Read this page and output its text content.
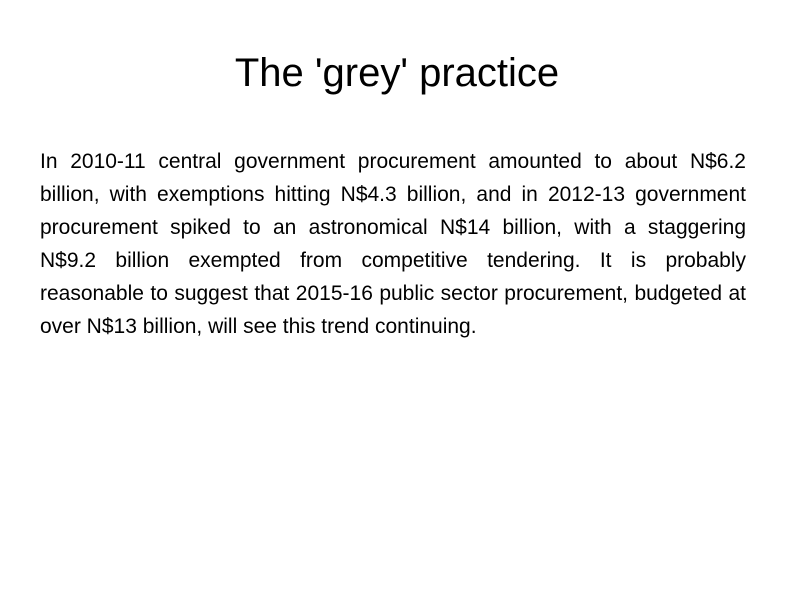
The 'grey' practice

In 2010-11 central government procurement amounted to about N$6.2 billion, with exemptions hitting N$4.3 billion, and in 2012-13 government procurement spiked to an astronomical N$14 billion, with a staggering N$9.2 billion exempted from competitive tendering. It is probably reasonable to suggest that 2015-16 public sector procurement, budgeted at over N$13 billion, will see this trend continuing.
